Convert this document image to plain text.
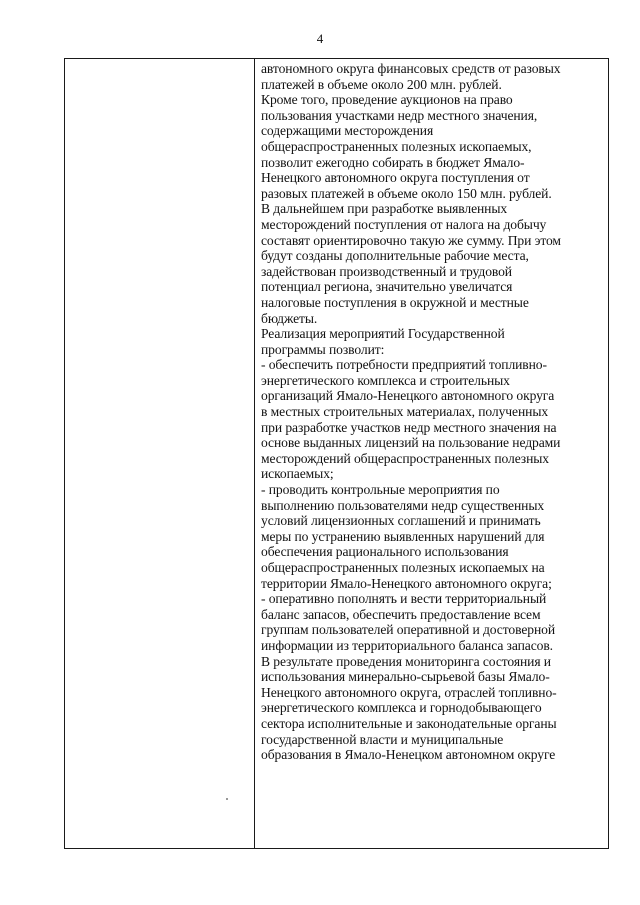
4
автономного округа финансовых средств от разовых
платежей в объеме около 200 млн. рублей.
Кроме того, проведение аукционов на право
пользования участками недр местного значения,
содержащими месторождения
общераспространенных полезных ископаемых,
позволит ежегодно собирать в бюджет Ямало-
Ненецкого автономного округа поступления от
разовых платежей в объеме около 150 млн. рублей.
В дальнейшем при разработке выявленных
месторождений поступления от налога на добычу
составят ориентировочно такую же сумму. При этом
будут созданы дополнительные рабочие места,
задействован производственный и трудовой
потенциал региона, значительно увеличатся
налоговые поступления в окружной и местные
бюджеты.
Реализация мероприятий Государственной
программы позволит:
- обеспечить потребности предприятий топливно-
энергетического комплекса и строительных
организаций Ямало-Ненецкого автономного округа
в местных строительных материалах, полученных
при разработке участков недр местного значения на
основе выданных лицензий на пользование недрами
месторождений общераспространенных полезных
ископаемых;
- проводить контрольные мероприятия по
выполнению пользователями недр существенных
условий лицензионных соглашений и принимать
меры по устранению выявленных нарушений для
обеспечения рационального использования
общераспространенных полезных ископаемых на
территории Ямало-Ненецкого автономного округа;
- оперативно пополнять и вести территориальный
баланс запасов, обеспечить предоставление всем
группам пользователей оперативной и достоверной
информации из территориального баланса запасов.
В результате проведения мониторинга состояния и
использования минерально-сырьевой базы Ямало-
Ненецкого автономного округа, отраслей топливно-
энергетического комплекса и горнодобывающего
сектора исполнительные и законодательные органы
государственной власти и муниципальные
образования в Ямало-Ненецком автономном округе
